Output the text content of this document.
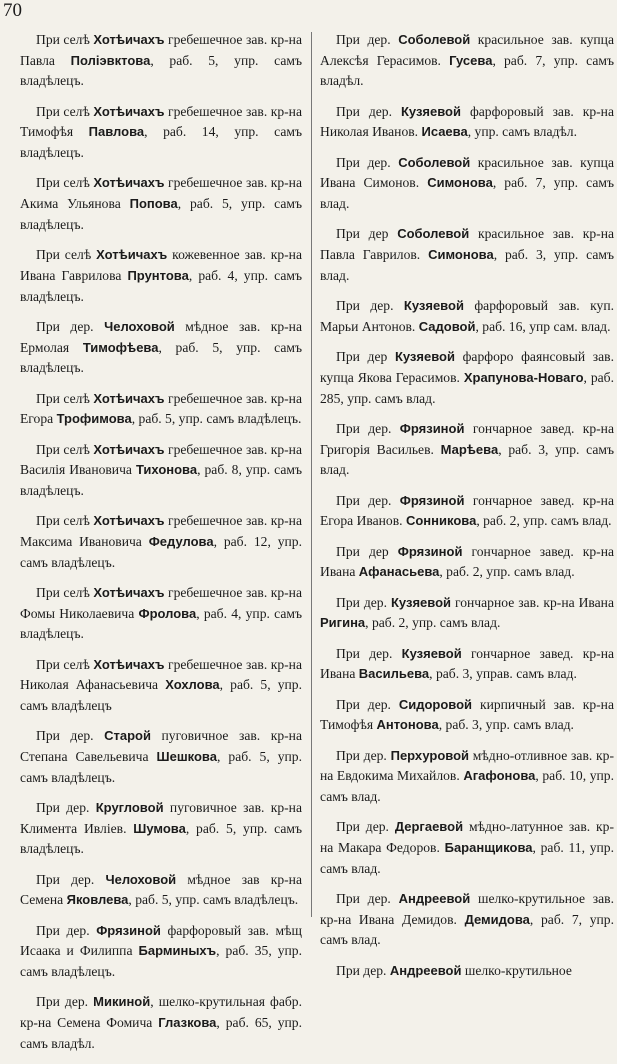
70

При селѣ Хотѣичахъ гребешечное зав. кр-на Павла Полiэвктова, раб. 5, упр. самъ владѣлецъ.

При селѣ Хотѣичахъ гребешечное зав. кр-на Тимофѣя Павлова, раб. 14, упр. самъ владѣлецъ.

При селѣ Хотѣичахъ гребешечное зав. кр-на Акима Ульянова Попова, раб. 5, упр. самъ владѣлецъ.

При селѣ Хотѣичахъ кожевенное зав. кр-на Ивана Гаврилова Прунтова, раб. 4, упр. самъ владѣлецъ.

При дер. Челоховой мѣдное зав. кр-на Ермолая Тимофѣева, раб. 5, упр. самъ владѣлецъ.

При селѣ Хотѣичахъ гребешечное зав. кр-на Егора Трофимова, раб. 5, упр. самъ владѣлецъ.

При селѣ Хотѣичахъ гребешечное зав. кр-на Василiя Ивановича Тихонова, раб. 8, упр. самъ владѣлецъ.

При селѣ Хотѣичахъ гребешечное зав. кр-на Максима Ивановича Федулова, раб. 12, упр. самъ владѣлецъ.

При селѣ Хотѣичахъ гребешечное зав. кр-на Фомы Николаевича Фролова, раб. 4, упр. самъ владѣлецъ.

При селѣ Хотѣичахъ гребешечное зав. кр-на Николая Афанасьевича Хохлова, раб. 5, упр. самъ владѣлецъ

При дер. Старой пуговичное зав. кр-на Степана Савельевича Шешкова, раб. 5, упр. самъ владѣлецъ.

При дер. Кругловой пуговичное зав. кр-на Климента Ивлiев. Шумова, раб. 5, упр. самъ владѣлецъ.

При дер. Челоховой мѣдное зав кр-на Семена Яковлева, раб. 5, упр. самъ владѣлецъ.

При дер. Фрязиной фарфоровый зав. мѣщ Исаака и Филиппа Барминыхъ, раб. 35, упр. самъ владѣлецъ.

При дер. Микиной, шелко-крутильная фабр. кр-на Семена Фомича Глазкова, раб. 65, упр. самъ владѣл.

При дер. Соболевой красильное зав. купца Алексѣя Герасимов. Гусева, раб. 7, упр. самъ владѣл.

При дер. Кузяевой фарфоровый зав. кр-на Николая Иванов. Исаева, упр. самъ владѣл.

При дер. Соболевой красильное зав. купца Ивана Симонов. Симонова, раб. 7, упр. самъ влад.

При дер Соболевой красильное зав. кр-на Павла Гаврилов. Симонова, раб. 3, упр. самъ влад.

При дер. Кузяевой фарфоровый зав. куп. Марьи Антонов. Садовой, раб. 16, упр сам. влад.

При дер Кузяевой фарфоро фаянсовый зав. купца Якова Герасимов. Храпунова-Новаго, раб. 285, упр. самъ влад.

При дер. Фрязиной гончарное завед. кр-на Григорiя Васильев. Марѣева, раб. 3, упр. самъ влад.

При дер. Фрязиной гончарное завед. кр-на Егора Иванов. Сонникова, раб. 2, упр. самъ влад.

При дер Фрязиной гончарное завед. кр-на Ивана Афанасьева, раб. 2, упр. самъ влад.

При дер. Кузяевой гончарное зав. кр-на Ивана Ригина, раб. 2, упр. самъ влад.

При дер. Кузяевой гончарное завед. кр-на Ивана Васильева, раб. 3, управ. самъ влад.

При дер. Сидоровой кирпичный зав. кр-на Тимофѣя Антонова, раб. 3, упр. самъ влад.

При дер. Перхуровой мѣдно-отливное зав. кр-на Евдокима Михайлов. Агафонова, раб. 10, упр. самъ влад.

При дер. Дергаевой мѣдно-латунное зав. кр-на Макара Федоров. Баранщикова, раб. 11, упр. самъ влад.

При дер. Андреевой шелко-крутильное зав. кр-на Ивана Демидов. Демидова, раб. 7, упр. самъ влад.

При дер. Андреевой шелко-крутильное
